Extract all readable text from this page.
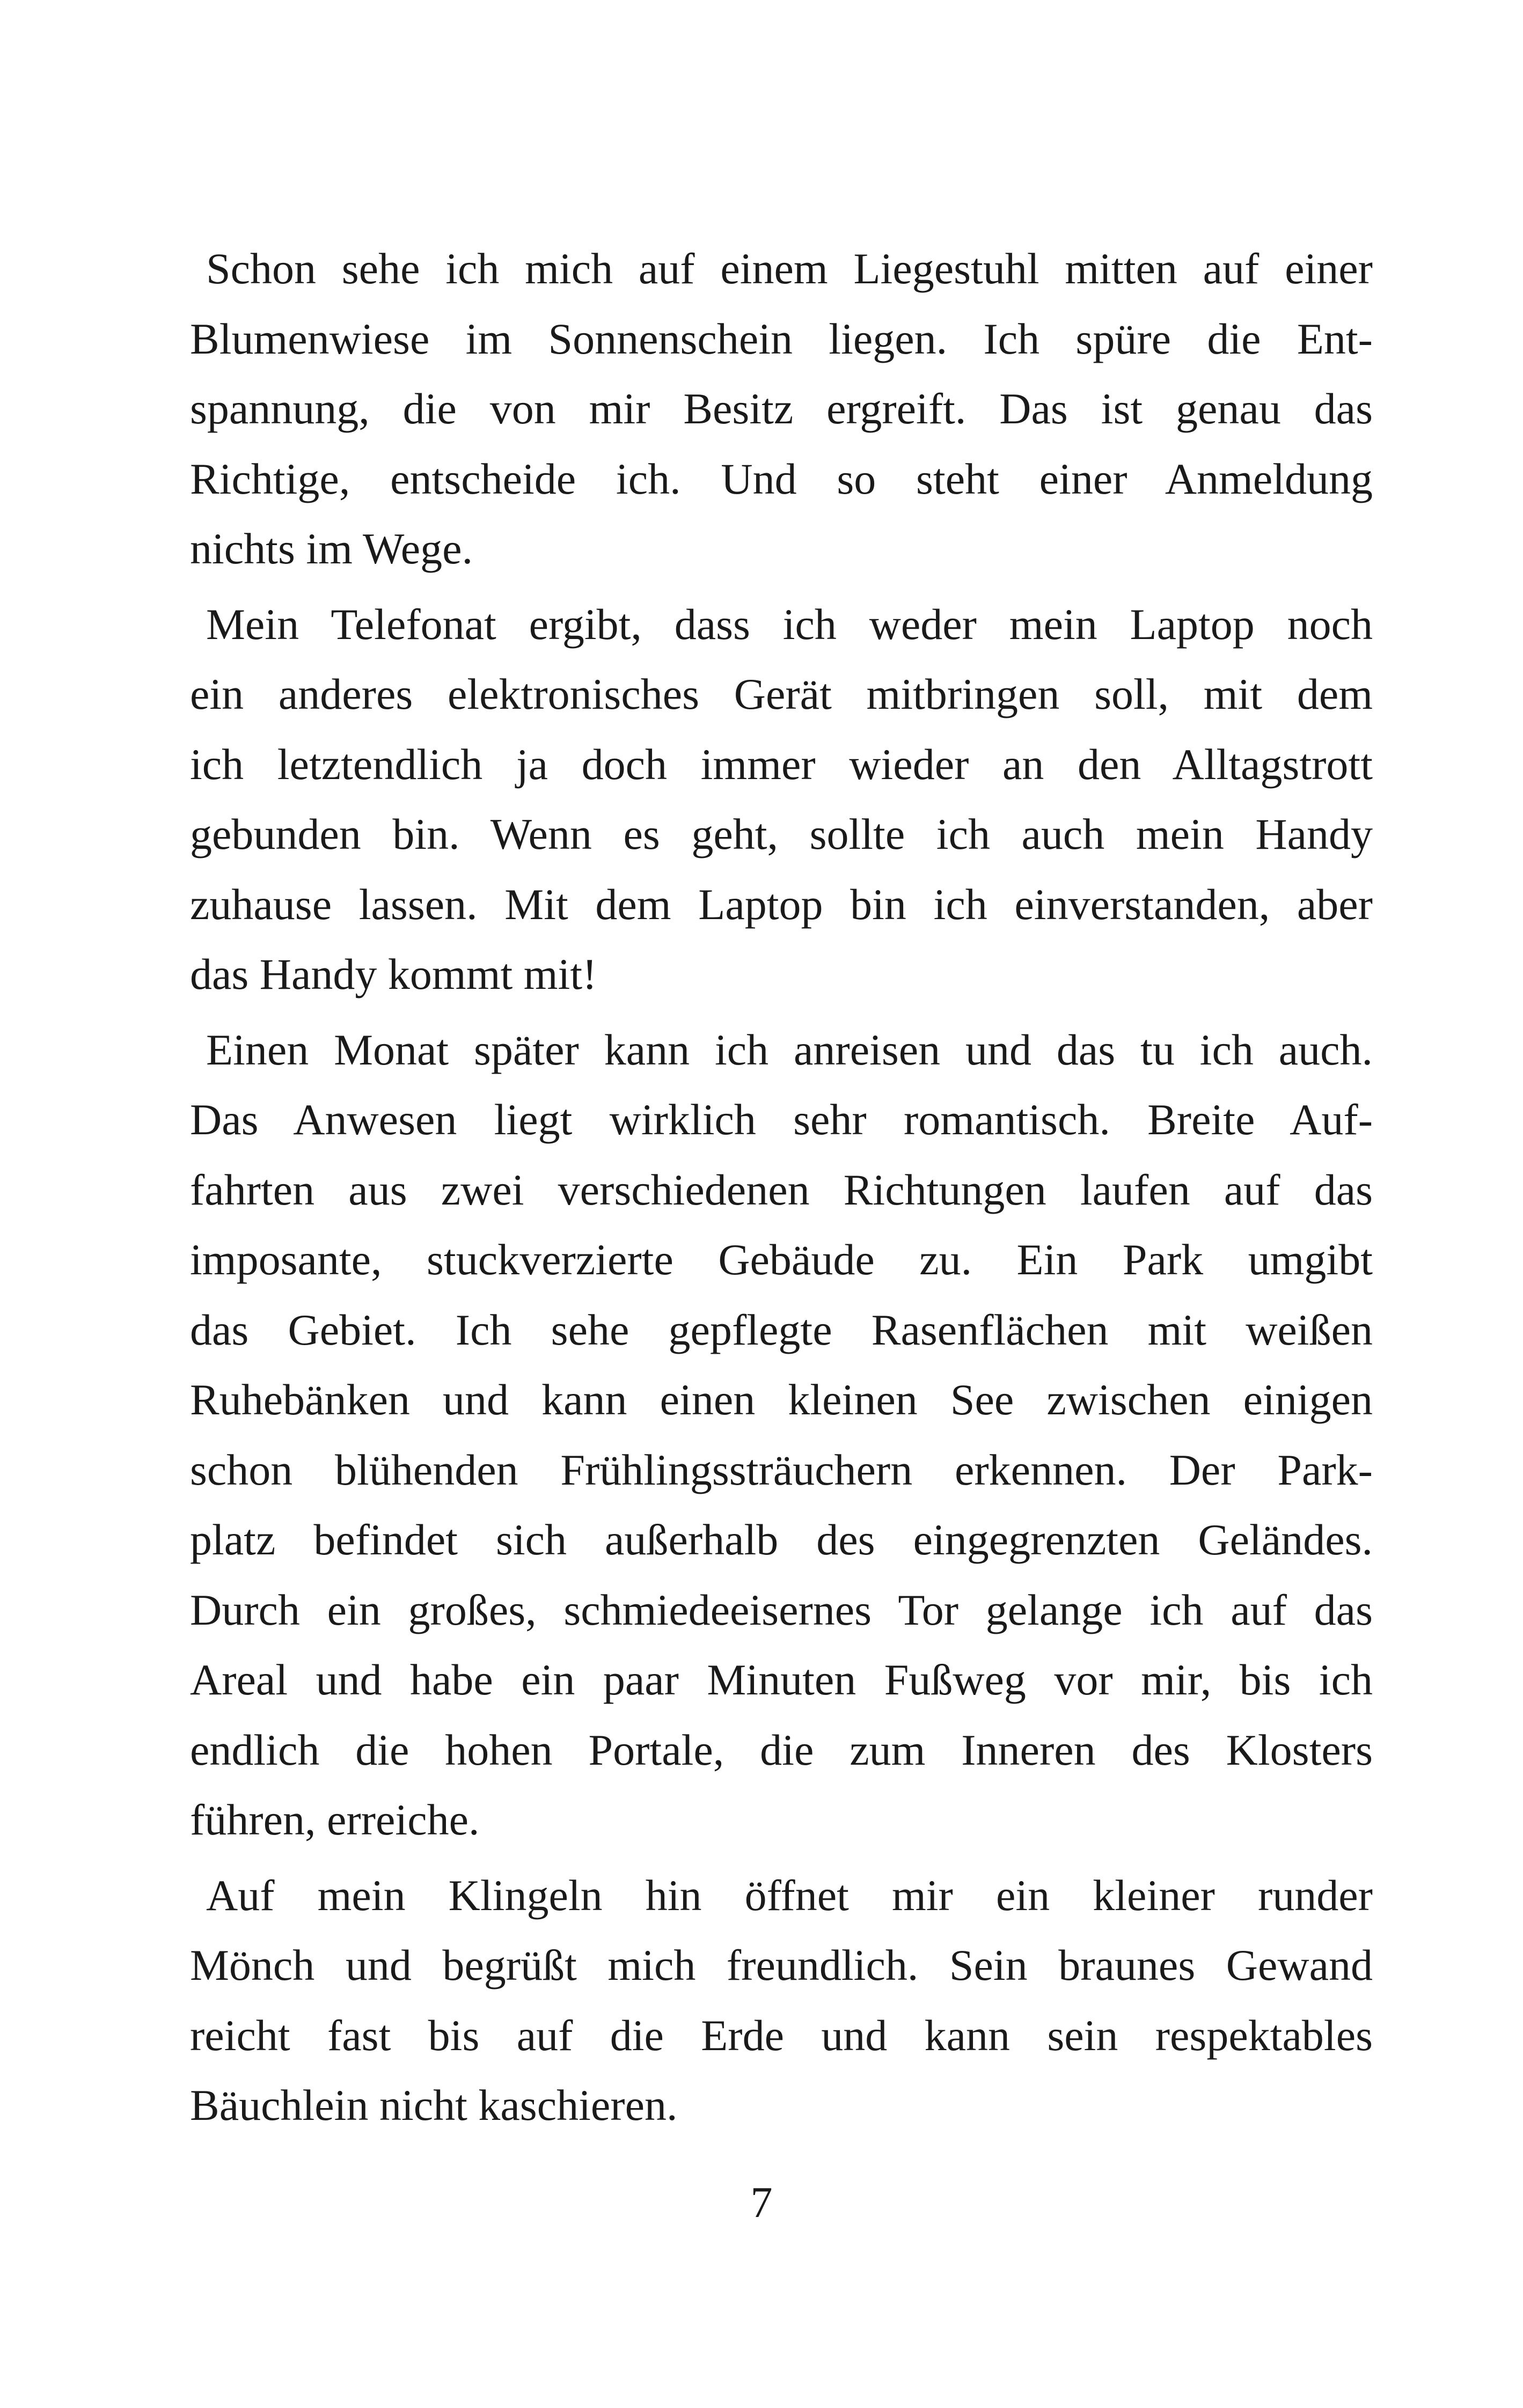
Schon sehe ich mich auf einem Liegestuhl mitten auf einer
Blumenwiese im Sonnenschein liegen. Ich spüre die Ent-
spannung, die von mir Besitz ergreift. Das ist genau das
Richtige, entscheide ich. Und so steht einer Anmeldung
nichts im Wege.

Mein Telefonat ergibt, dass ich weder mein Laptop noch
ein anderes elektronisches Gerät mitbringen soll, mit dem
ich letztendlich ja doch immer wieder an den Alltagstrott
gebunden bin. Wenn es geht, sollte ich auch mein Handy
zuhause lassen. Mit dem Laptop bin ich einverstanden, aber
das Handy kommt mit!

Einen Monat später kann ich anreisen und das tu ich auch.
Das Anwesen liegt wirklich sehr romantisch. Breite Auf-
fahrten aus zwei verschiedenen Richtungen laufen auf das
imposante, stuckverzierte Gebäude zu. Ein Park umgibt
das Gebiet. Ich sehe gepflegte Rasenflächen mit weißen
Ruhebänken und kann einen kleinen See zwischen einigen
schon blühenden Frühlingssträuchern erkennen. Der Park-
platz befindet sich außerhalb des eingegrenzten Geländes.
Durch ein großes, schmiedeeisernes Tor gelange ich auf das
Areal und habe ein paar Minuten Fußweg vor mir, bis ich
endlich die hohen Portale, die zum Inneren des Klosters
führen, erreiche.

Auf mein Klingeln hin öffnet mir ein kleiner runder
Mönch und begrüßt mich freundlich. Sein braunes Gewand
reicht fast bis auf die Erde und kann sein respektables
Bäuchlein nicht kaschieren.

7
